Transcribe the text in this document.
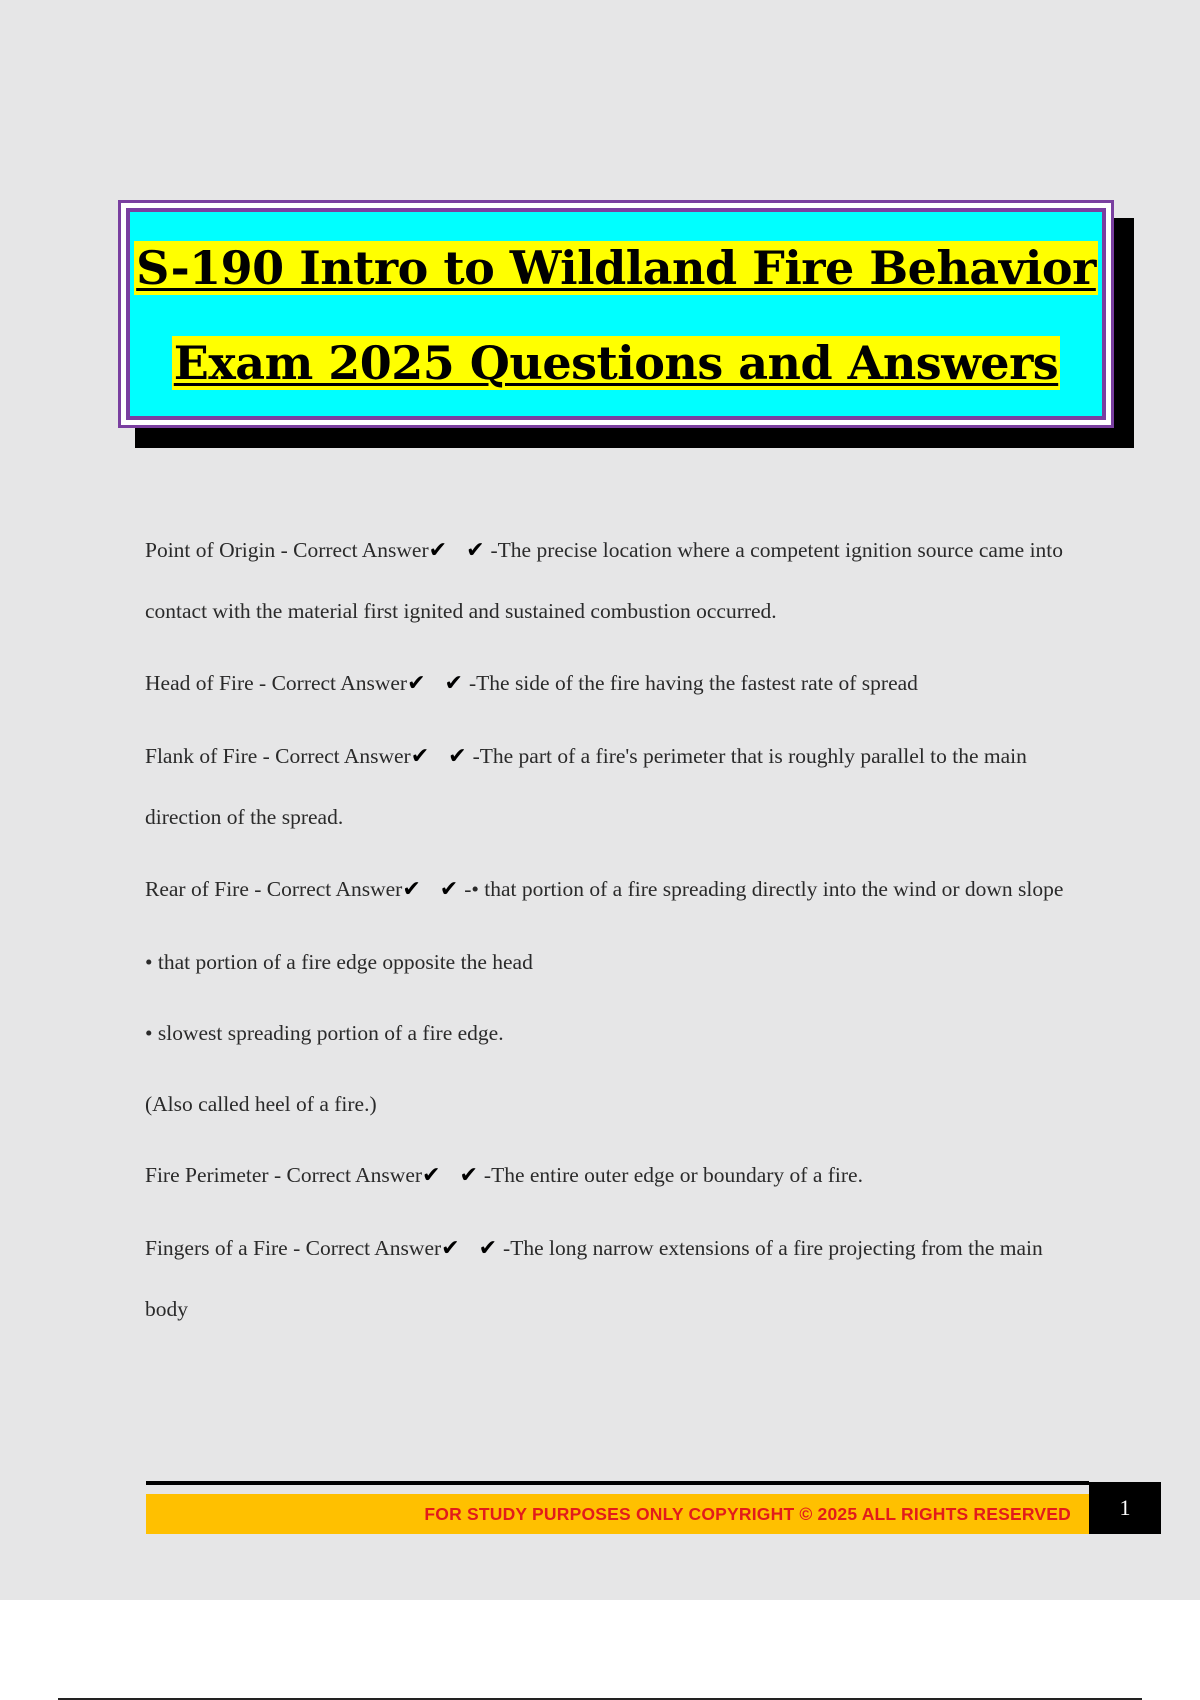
S-190 Intro to Wildland Fire Behavior
Exam 2025 Questions and Answers
Point of Origin - Correct Answer✔ ✔-The precise location where a competent ignition source came into contact with the material first ignited and sustained combustion occurred.
Head of Fire - Correct Answer✔ ✔-The side of the fire having the fastest rate of spread
Flank of Fire - Correct Answer✔ ✔-The part of a fire's perimeter that is roughly parallel to the main direction of the spread.
Rear of Fire - Correct Answer✔ ✔-• that portion of a fire spreading directly into the wind or down slope
• that portion of a fire edge opposite the head
• slowest spreading portion of a fire edge.
(Also called heel of a fire.)
Fire Perimeter - Correct Answer✔ ✔-The entire outer edge or boundary of a fire.
Fingers of a Fire - Correct Answer✔ ✔-The long narrow extensions of a fire projecting from the main body
FOR STUDY PURPOSES ONLY COPYRIGHT © 2025 ALL RIGHTS RESERVED	1
